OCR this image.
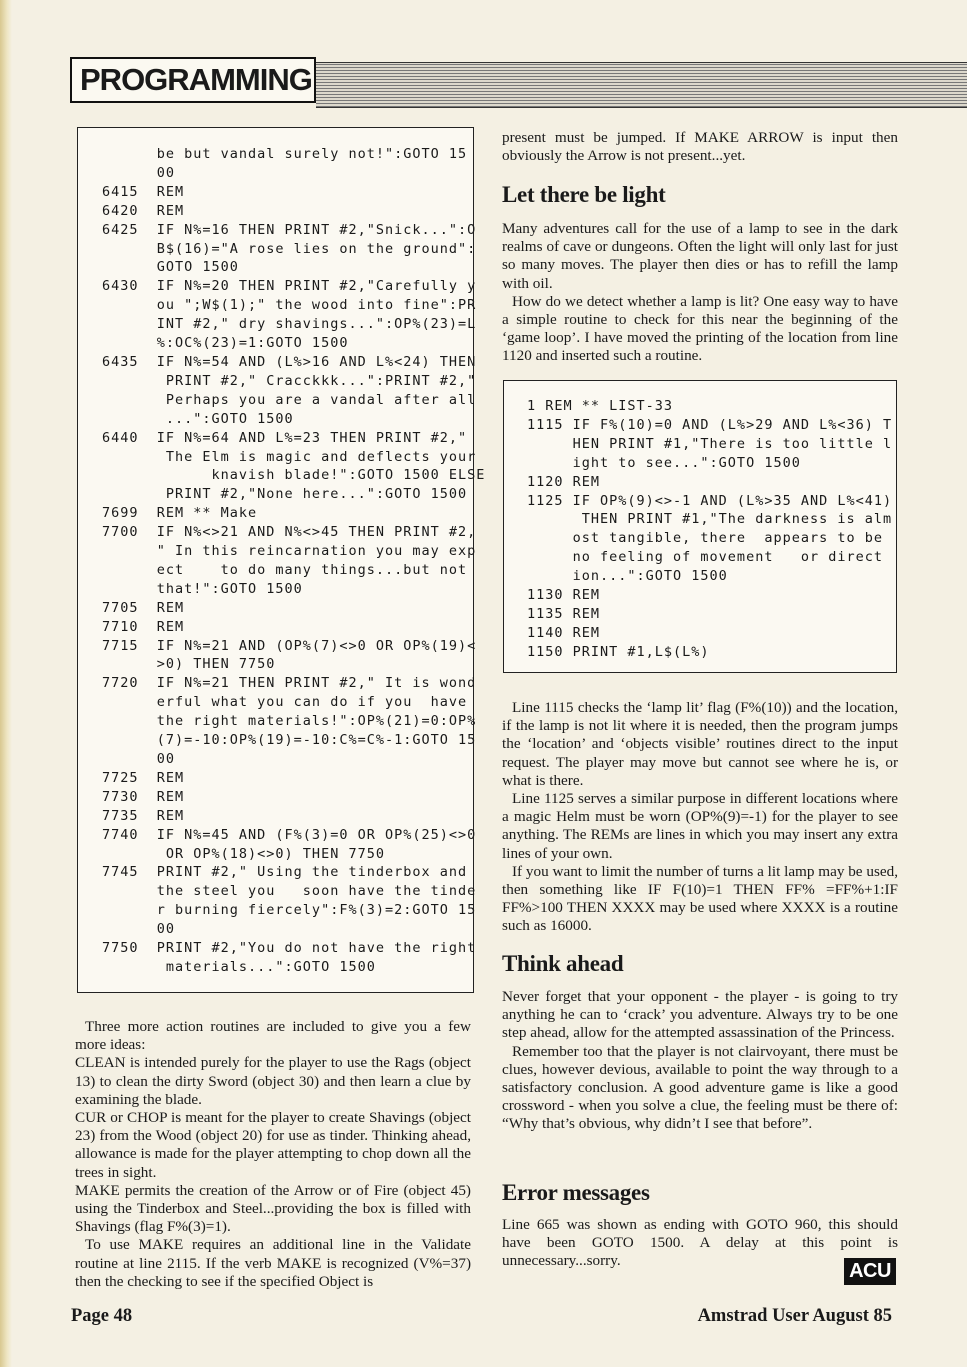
PROGRAMMING
be but vandal surely not!":GOTO 15
00
6415  REM
6420  REM
6425  IF N%=16 THEN PRINT #2,"Snick...":O
B$(16)="A rose lies on the ground":
GOTO 1500
6430  IF N%=20 THEN PRINT #2,"Carefully y
ou ";W$(1);" the wood into fine":PR
INT #2," dry shavings...":OP%(23)=L
%:OC%(23)=1:GOTO 1500
6435  IF N%=54 AND (L%>16 AND L%<24) THEN
PRINT #2," Cracckkk...":PRINT #2,"
Perhaps you are a vandal after all
...":GOTO 1500
6440  IF N%=64 AND L%=23 THEN PRINT #2,"
The Elm is magic and deflects your
knavish blade!":GOTO 1500 ELSE
PRINT #2,"None here...":GOTO 1500
7699  REM ** Make
7700  IF N%<>21 AND N%<>45 THEN PRINT #2,
" In this reincarnation you may exp
ect    to do many things...but not
that!":GOTO 1500
7705  REM
7710  REM
7715  IF N%=21 AND (OP%(7)<>0 OR OP%(19)<
>0) THEN 7750
7720  IF N%=21 THEN PRINT #2," It is wond
erful what you can do if you  have
the right materials!":OP%(21)=0:OP%
(7)=-10:OP%(19)=-10:C%=C%-1:GOTO 15
00
7725  REM
7730  REM
7735  REM
7740  IF N%=45 AND (F%(3)=0 OR OP%(25)<>0
OR OP%(18)<>0) THEN 7750
7745  PRINT #2," Using the tinderbox and
the steel you   soon have the tinde
r burning fiercely":F%(3)=2:GOTO 15
00
7750  PRINT #2,"You do not have the right
materials...":GOTO 1500

Three more action routines are included to give you a few more ideas:

CLEAN is intended purely for the player to use the Rags (object 13) to clean the dirty Sword (object 30) and then learn a clue by examining the blade.

CUR or CHOP is meant for the player to create Shavings (object 23) from the Wood (object 20) for use as tinder. Thinking ahead, allowance is made for the player attempting to chop down all the trees in sight.

MAKE permits the creation of the Arrow or of Fire (object 45) using the Tinderbox and Steel...providing the box is filled with Shavings (flag F%(3)=1).

To use MAKE requires an additional line in the Validate routine at line 2115. If the verb MAKE is recognized (V%=37) then the checking to see if the specified Object is

present must be jumped. If MAKE ARROW is input then obviously the Arrow is not present...yet.

Let there be light

Many adventures call for the use of a lamp to see in the dark realms of cave or dungeons. Often the light will only last for just so many moves. The player then dies or has to refill the lamp with oil.

How do we detect whether a lamp is lit? One easy way to have a simple routine to check for this near the beginning of the ‘game loop’. I have moved the printing of the location from line 1120 and inserted such a routine.

1 REM ** LIST-33
1115 IF F%(10)=0 AND (L%>29 AND L%<36) T
HEN PRINT #1,"There is too little l
ight to see...":GOTO 1500
1120 REM
1125 IF OP%(9)<>-1 AND (L%>35 AND L%<41)
THEN PRINT #1,"The darkness is alm
ost tangible, there  appears to be
no feeling of movement   or direct
ion...":GOTO 1500
1130 REM
1135 REM
1140 REM
1150 PRINT #1,L$(L%)

Line 1115 checks the ‘lamp lit’ flag (F%(10)) and the location, if the lamp is not lit where it is needed, then the program jumps the ‘location’ and ‘objects visible’ routines direct to the input request. The player may move but cannot see where he is, or what is there.

Line 1125 serves a similar purpose in different locations where a magic Helm must be worn (OP%(9)=-1) for the player to see anything. The REMs are lines in which you may insert any extra lines of your own.

If you want to limit the number of turns a lit lamp may be used, then something like IF F(10)=1 THEN FF% =FF%+1:IF FF%>100 THEN XXXX may be used where XXXX is a routine such as 16000.

Think ahead

Never forget that your opponent - the player - is going to try anything he can to ‘crack’ you adventure. Always try to be one step ahead, allow for the attempted assassination of the Princess.

Remember too that the player is not clairvoyant, there must be clues, however devious, available to point the way through to a satisfactory conclusion. A good adventure game is like a good crossword - when you solve a clue, the feeling must be there of: “Why that’s obvious, why didn’t I see that before”.

Error messages

Line 665 was shown as ending with GOTO 960, this should have been GOTO 1500. A delay at this point is unnecessary...sorry.	ACU
Page 48	Amstrad User August 85
